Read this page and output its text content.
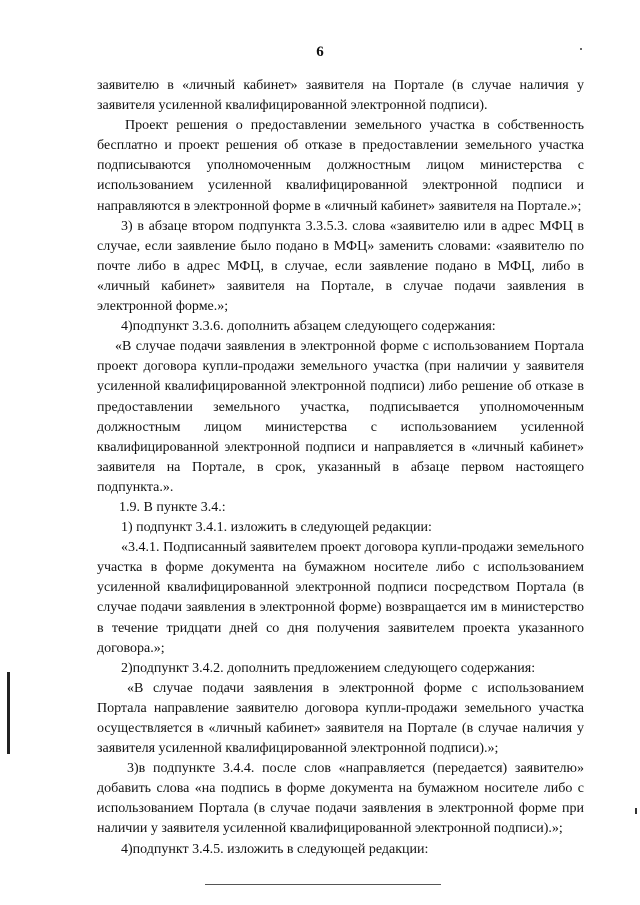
6

заявителю в «личный кабинет» заявителя на Портале (в случае наличия у заявителя усиленной квалифицированной электронной подписи).

Проект решения о предоставлении земельного участка в собственность бесплатно и проект решения об отказе в предоставлении земельного участка подписываются уполномоченным должностным лицом министерства с использованием усиленной квалифицированной электронной подписи и направляются в электронной форме в «личный кабинет» заявителя на Портале.»;

3) в абзаце втором подпункта 3.3.5.3. слова «заявителю или в адрес МФЦ в случае, если заявление было подано в МФЦ» заменить словами: «заявителю по почте либо в адрес МФЦ, в случае, если заявление подано в МФЦ, либо в «личный кабинет» заявителя на Портале, в случае подачи заявления в электронной форме.»;

4)подпункт 3.3.6. дополнить абзацем следующего содержания:

«В случае подачи заявления в электронной форме с использованием Портала проект договора купли-продажи земельного участка (при наличии у заявителя усиленной квалифицированной электронной подписи) либо решение об отказе в предоставлении земельного участка, подписывается уполномоченным должностным лицом министерства с использованием усиленной квалифицированной электронной подписи и направляется в «личный кабинет» заявителя на Портале, в срок, указанный в абзаце первом настоящего подпункта.».

1.9. В пункте 3.4.:

1) подпункт 3.4.1. изложить в следующей редакции:

«3.4.1. Подписанный заявителем проект договора купли-продажи земельного участка в форме документа на бумажном носителе либо с использованием усиленной квалифицированной электронной подписи посредством Портала (в случае подачи заявления в электронной форме) возвращается им в министерство в течение тридцати дней со дня получения заявителем проекта указанного договора.»;

2)подпункт 3.4.2. дополнить предложением следующего содержания:

«В случае подачи заявления в электронной форме с использованием Портала направление заявителю договора купли-продажи земельного участка осуществляется в «личный кабинет» заявителя на Портале (в случае наличия у заявителя усиленной квалифицированной электронной подписи).»;

3)в подпункте 3.4.4. после слов «направляется (передается) заявителю» добавить слова «на подпись в форме документа на бумажном носителе либо с использованием Портала (в случае подачи заявления в электронной форме при наличии у заявителя усиленной квалифицированной электронной подписи).»;

4)подпункт 3.4.5. изложить в следующей редакции:
